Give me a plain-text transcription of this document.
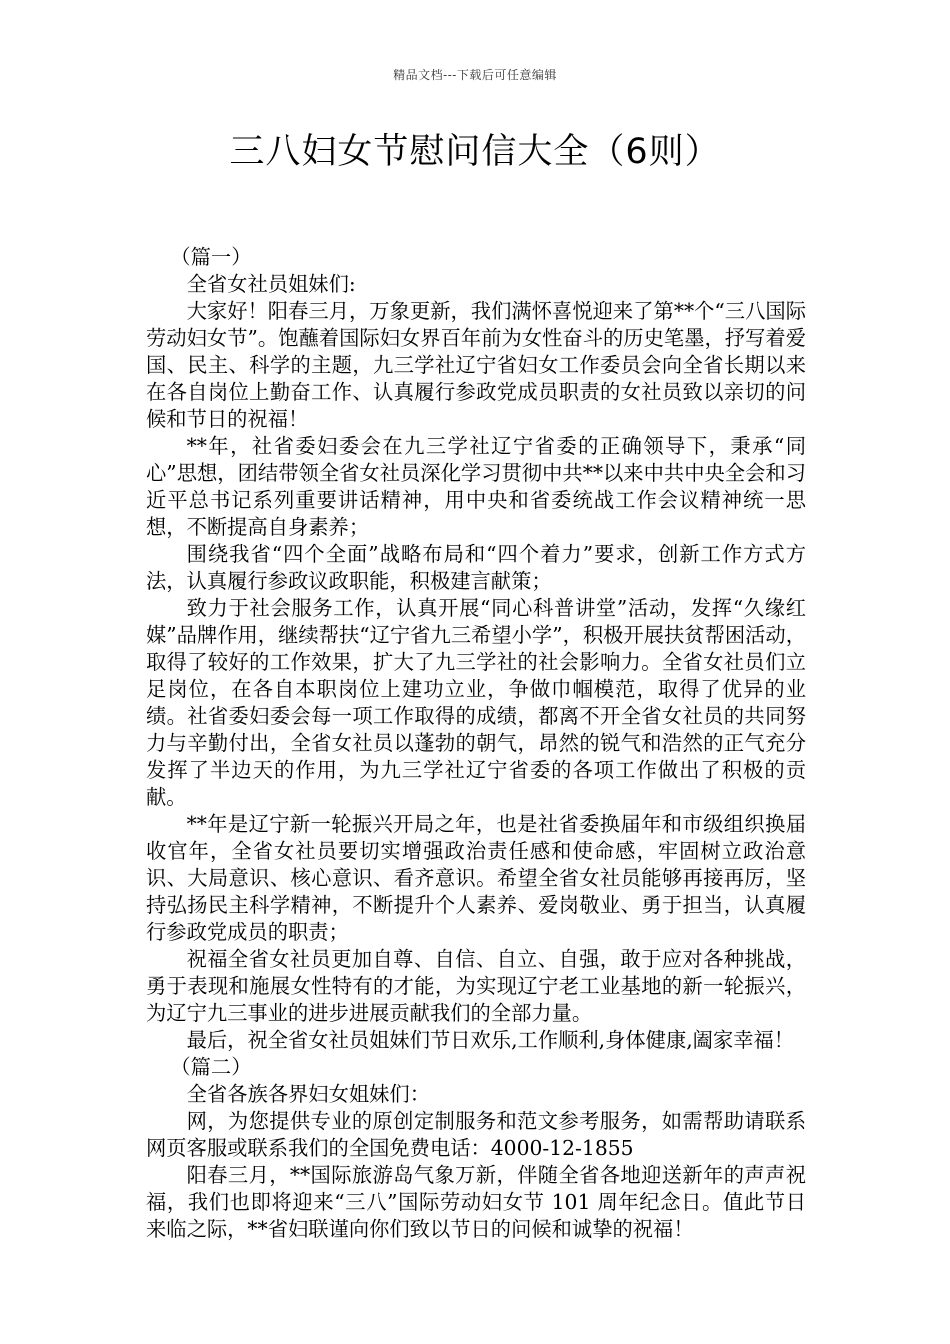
精品文档---下载后可任意编辑
三八妇女节慰问信大全（6则）

（篇一）

全省女社员姐妹们:

大家好！阳春三月，万象更新，我们满怀喜悦迎来了第**个“三八国际劳动妇女节”。饱蘸着国际妇女界百年前为女性奋斗的历史笔墨，抒写着爱国、民主、科学的主题，九三学社辽宁省妇女工作委员会向全省长期以来在各自岗位上勤奋工作、认真履行参政党成员职责的女社员致以亲切的问候和节日的祝福！

**年，社省委妇委会在九三学社辽宁省委的正确领导下，秉承“同心”思想，团结带领全省女社员深化学习贯彻中共**以来中共中央全会和习近平总书记系列重要讲话精神，用中央和省委统战工作会议精神统一思想，不断提高自身素养；

围绕我省“四个全面”战略布局和“四个着力”要求，创新工作方式方法，认真履行参政议政职能，积极建言献策；

致力于社会服务工作，认真开展“同心科普讲堂”活动，发挥“久缘红媒”品牌作用，继续帮扶“辽宁省九三希望小学”，积极开展扶贫帮困活动，取得了较好的工作效果，扩大了九三学社的社会影响力。全省女社员们立足岗位，在各自本职岗位上建功立业，争做巾帼模范，取得了优异的业绩。社省委妇委会每一项工作取得的成绩，都离不开全省女社员的共同努力与辛勤付出，全省女社员以蓬勃的朝气，昂然的锐气和浩然的正气充分发挥了半边天的作用，为九三学社辽宁省委的各项工作做出了积极的贡献。

**年是辽宁新一轮振兴开局之年，也是社省委换届年和市级组织换届收官年，全省女社员要切实增强政治责任感和使命感，牢固树立政治意识、大局意识、核心意识、看齐意识。希望全省女社员能够再接再厉，坚持弘扬民主科学精神，不断提升个人素养、爱岗敬业、勇于担当，认真履行参政党成员的职责；

祝福全省女社员更加自尊、自信、自立、自强，敢于应对各种挑战，勇于表现和施展女性特有的才能，为实现辽宁老工业基地的新一轮振兴，为辽宁九三事业的进步进展贡献我们的全部力量。

最后，祝全省女社员姐妹们节日欢乐,工作顺利,身体健康,阖家幸福！

（篇二）

全省各族各界妇女姐妹们：

网，为您提供专业的原创定制服务和范文参考服务，如需帮助请联系网页客服或联系我们的全国免费电话：4000-12-1855

阳春三月，**国际旅游岛气象万新，伴随全省各地迎送新年的声声祝福，我们也即将迎来“三八”国际劳动妇女节 101 周年纪念日。值此节日来临之际，**省妇联谨向你们致以节日的问候和诚挚的祝福！
